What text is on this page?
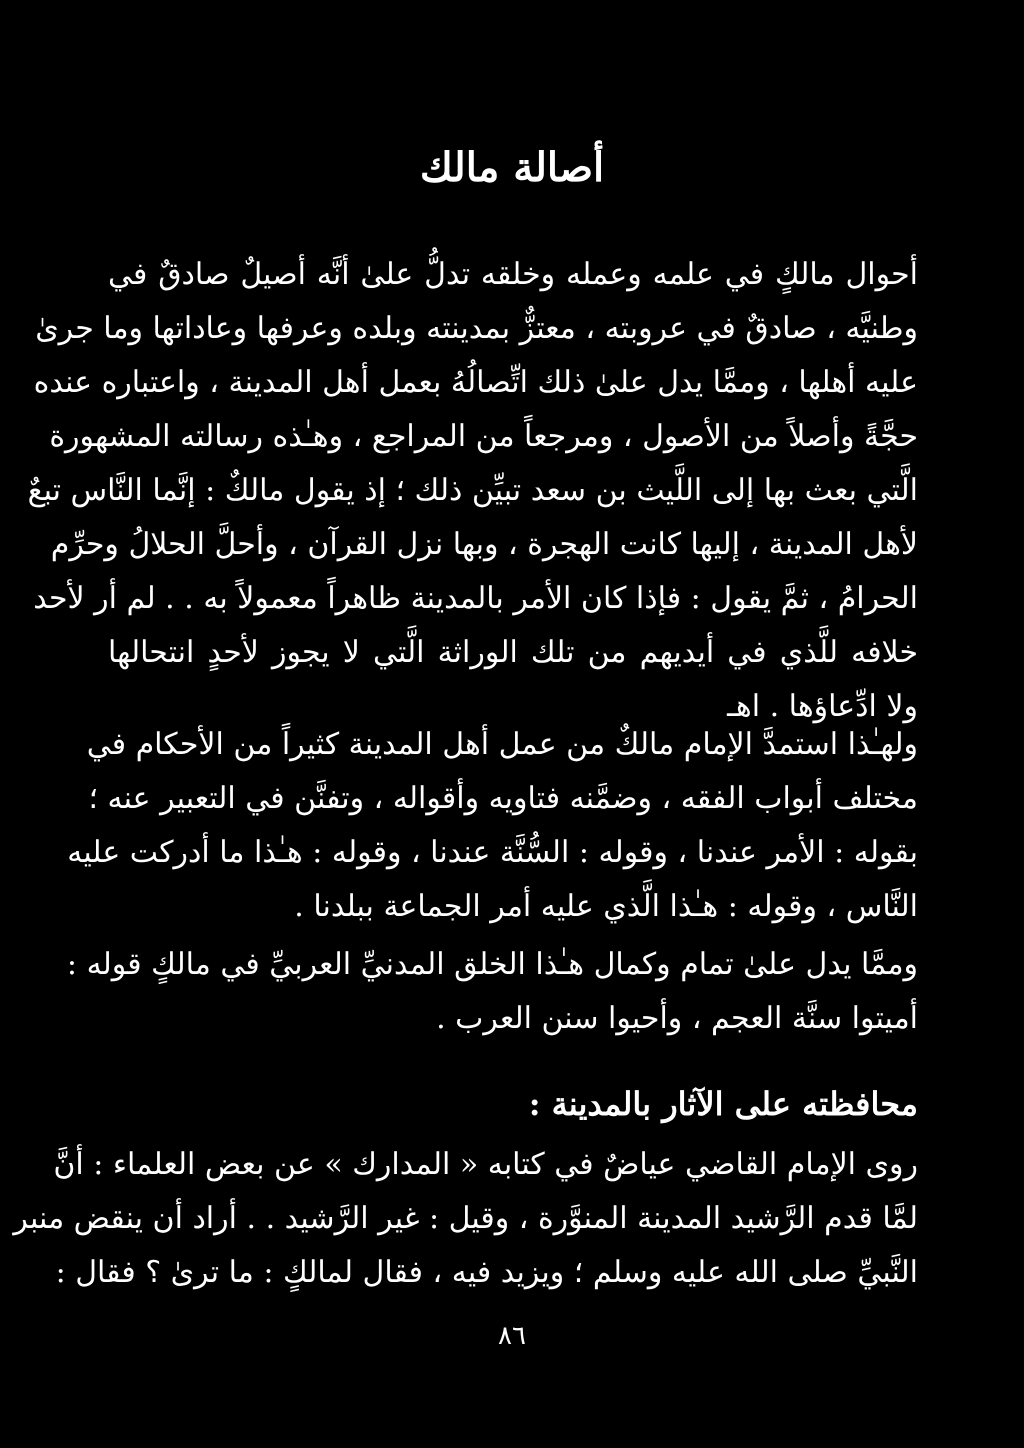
أصالة مالك
أحوال مالكٍ في علمه وعمله وخلقه تدلُّ علىٰ أنَّه أصيلٌ صادقٌ في
وطنيَّه ، صادقٌ في عروبته ، معتزٌّ بمدينته وبلده وعرفها وعاداتها وما جرىٰ
عليه أهلها ، وممَّا يدل علىٰ ذلك اتِّصالُهُ بعمل أهل المدينة ، واعتباره عنده
حجَّةً وأصلاً من الأصول ، ومرجعاً من المراجع ، وهـٰذه رسالته المشهورة
الَّتي بعث بها إلى اللَّيث بن سعد تبيِّن ذلك ؛ إذ يقول مالكٌ : إنَّما النَّاس تبعٌ
لأهل المدينة ، إليها كانت الهجرة ، وبها نزل القرآن ، وأحلَّ الحلالُ وحرِّم
الحرامُ ، ثمَّ يقول : فإذا كان الأمر بالمدينة ظاهراً معمولاً به . . لم أر لأحد
خلافه للَّذي في أيديهم من تلك الوراثة الَّتي لا يجوز لأحدٍ انتحالها
ولا ادِّعاؤها . اهـ
ولهـٰذا استمدَّ الإمام مالكٌ من عمل أهل المدينة كثيراً من الأحكام في
مختلف أبواب الفقه ، وضمَّنه فتاويه وأقواله ، وتفنَّن في التعبير عنه ؛
بقوله : الأمر عندنا ، وقوله : السُّنَّة عندنا ، وقوله : هـٰذا ما أدركت عليه
النَّاس ، وقوله : هـٰذا الَّذي عليه أمر الجماعة ببلدنا .
وممَّا يدل علىٰ تمام وكمال هـٰذا الخلق المدنيِّ العربيِّ في مالكٍ قوله :
أميتوا سنَّة العجم ، وأحيوا سنن العرب .
محافظته على الآثار بالمدينة :
روى الإمام القاضي عياضٌ في كتابه « المدارك » عن بعض العلماء : أنَّ
لمَّا قدم الرَّشيد المدينة المنوَّرة ، وقيل : غير الرَّشيد . . أراد أن ينقض منبر
النَّبيِّ صلى الله عليه وسلم ؛ ويزيد فيه ، فقال لمالكٍ : ما ترىٰ ؟ فقال :
٨٦
